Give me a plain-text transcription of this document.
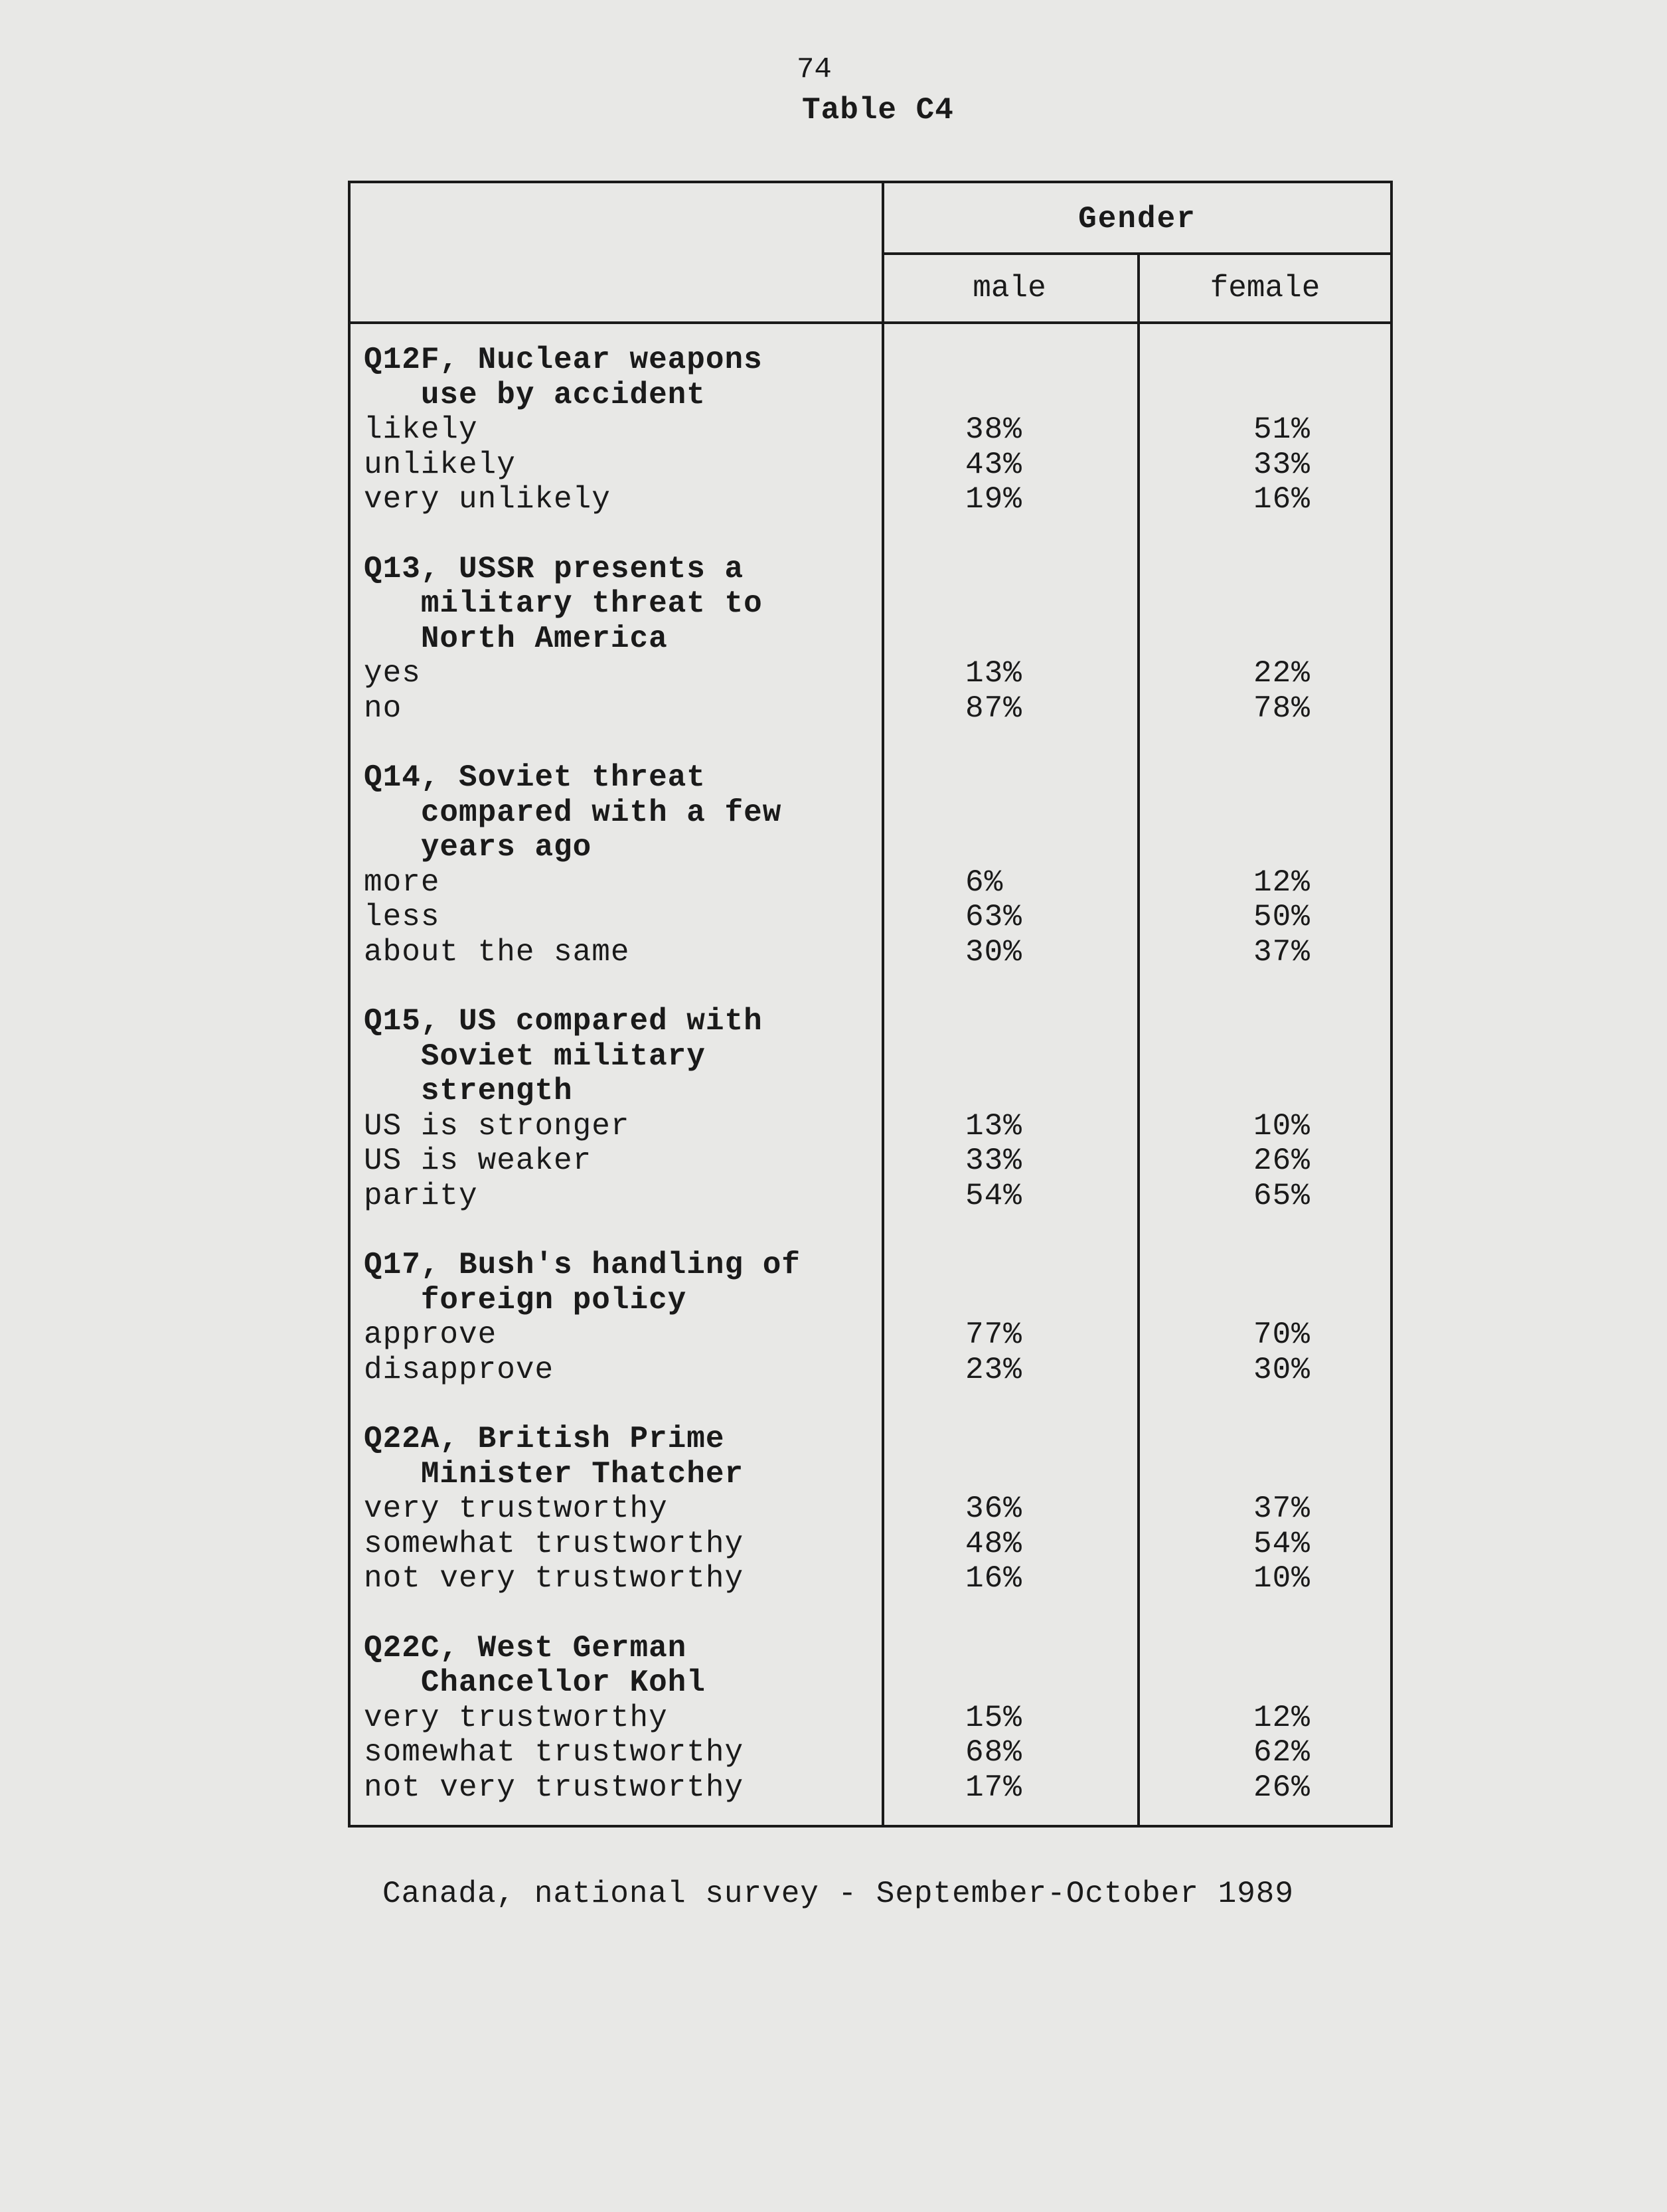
74
Table C4
Gender
male	female
Q12F, Nuclear weapons
use by accident
likely	38%	51%
unlikely	43%	33%
very unlikely	19%	16%
Q13, USSR presents a
military threat to
North America
yes	13%	22%
no	87%	78%
Q14, Soviet threat
compared with a few
years ago
more	6%	12%
less	63%	50%
about the same	30%	37%
Q15, US compared with
Soviet military
strength
US is stronger	13%	10%
US is weaker	33%	26%
parity	54%	65%
Q17, Bush's handling of
foreign policy
approve	77%	70%
disapprove	23%	30%
Q22A, British Prime
Minister Thatcher
very trustworthy	36%	37%
somewhat trustworthy	48%	54%
not very trustworthy	16%	10%
Q22C, West German
Chancellor Kohl
very trustworthy	15%	12%
somewhat trustworthy	68%	62%
not very trustworthy	17%	26%
Canada, national survey - September-October 1989
